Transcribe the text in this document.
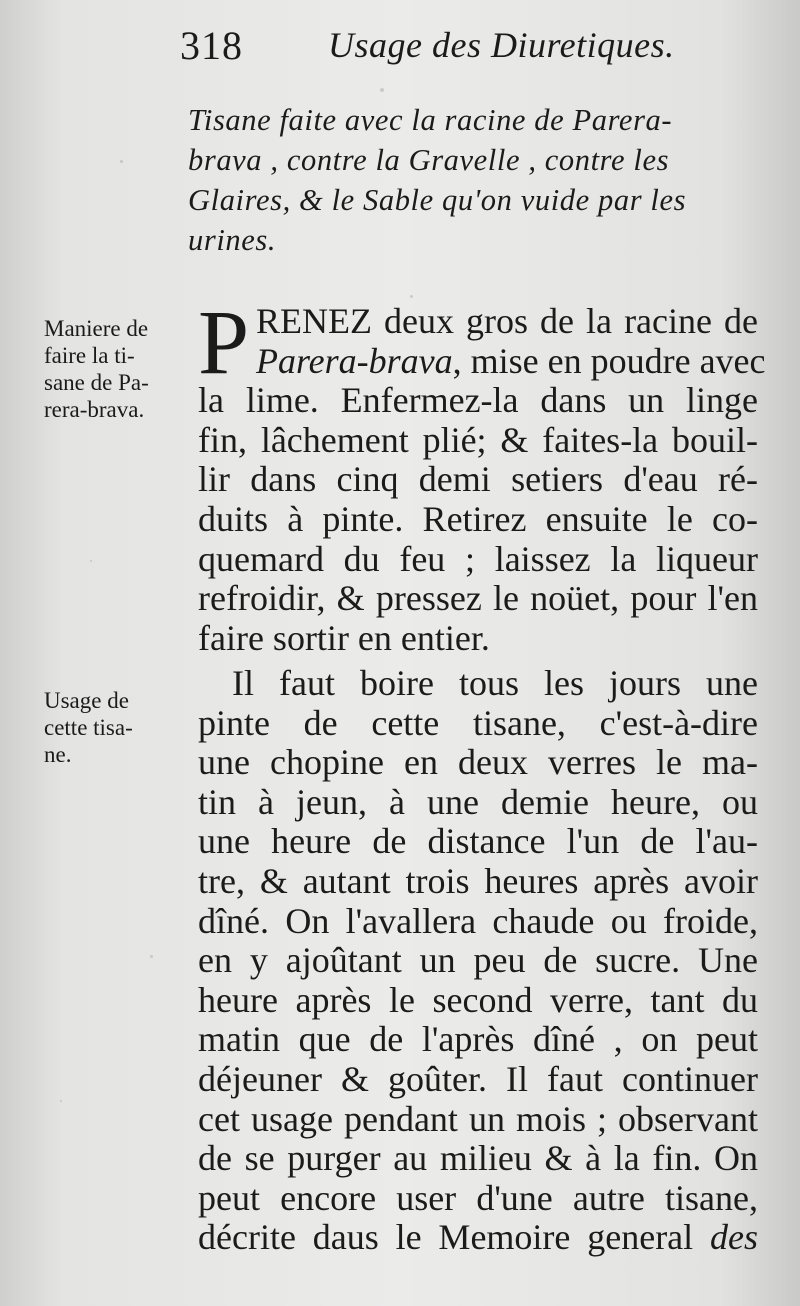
318 Usage des Diuretiques.
Tisane faite avec la racine de Parera-
brava , contre la Gravelle , contre les
Glaires, & le Sable qu'on vuide par les
urines.
Maniere de
faire la ti-
sane de Pa-
rera-brava.
P RENEZ deux gros de la racine de
Parera-brava, mise en poudre avec
la lime. Enfermez-la dans un linge
fin, lâchement plié; & faites-la bouil-
lir dans cinq demi setiers d'eau ré-
duits à pinte. Retirez ensuite le co-
quemard du feu ; laissez la liqueur
refroidir, & pressez le noüet, pour l'en
faire sortir en entier.
Usage de
cette tisa-
ne.
Il faut boire tous les jours une
pinte de cette tisane, c'est-à-dire
une chopine en deux verres le ma-
tin à jeun, à une demie heure, ou
une heure de distance l'un de l'au-
tre, & autant trois heures après avoir
dîné. On l'avallera chaude ou froide,
en y ajoûtant un peu de sucre. Une
heure après le second verre, tant du
matin que de l'après dîné , on peut
déjeuner & goûter. Il faut continuer
cet usage pendant un mois ; observant
de se purger au milieu & à la fin. On
peut encore user d'une autre tisane,
décrite daus le Memoire general des
